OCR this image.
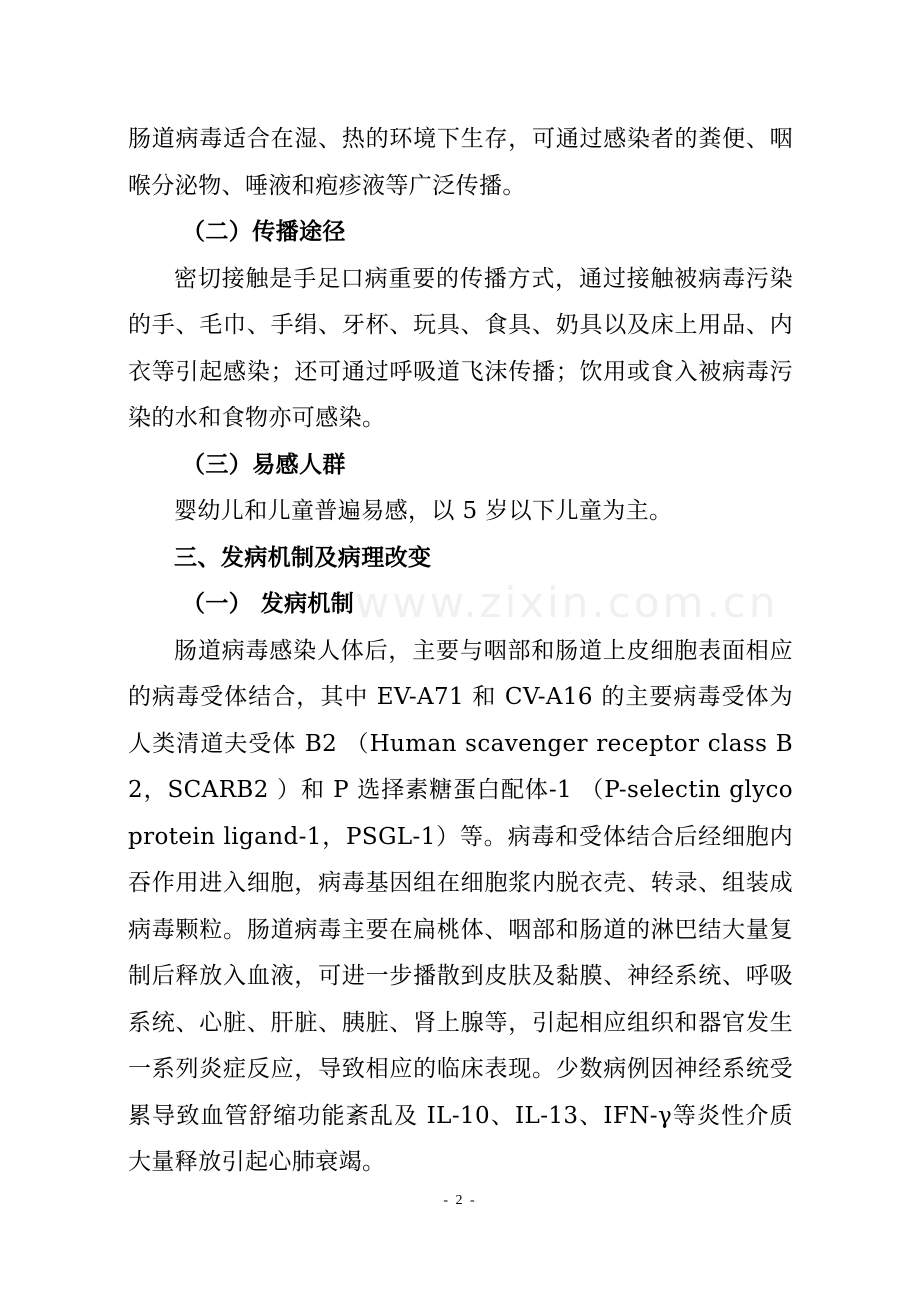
www.zixin.com.cn

肠道病毒适合在湿、热的环境下生存，可通过感染者的粪便、咽喉分泌物、唾液和疱疹液等广泛传播。

（二）传播途径

密切接触是手足口病重要的传播方式，通过接触被病毒污染的手、毛巾、手绢、牙杯、玩具、食具、奶具以及床上用品、内衣等引起感染；还可通过呼吸道飞沫传播；饮用或食入被病毒污染的水和食物亦可感染。

（三）易感人群

婴幼儿和儿童普遍易感，以 5 岁以下儿童为主。

三、发病机制及病理改变

（一） 发病机制

肠道病毒感染人体后，主要与咽部和肠道上皮细胞表面相应的病毒受体结合，其中 EV-A71 和 CV-A16 的主要病毒受体为人类清道夫受体 B2 （Human scavenger receptor class B2，SCARB2 ）和 P 选择素糖蛋白配体-1 （P-selectin glycoprotein ligand-1，PSGL-1）等。病毒和受体结合后经细胞内吞作用进入细胞，病毒基因组在细胞浆内脱衣壳、转录、组装成病毒颗粒。肠道病毒主要在扁桃体、咽部和肠道的淋巴结大量复制后释放入血液，可进一步播散到皮肤及黏膜、神经系统、呼吸系统、心脏、肝脏、胰脏、肾上腺等，引起相应组织和器官发生一系列炎症反应，导致相应的临床表现。少数病例因神经系统受累导致血管舒缩功能紊乱及 IL-10、IL-13、IFN-γ等炎性介质大量释放引起心肺衰竭。

- 2 -
